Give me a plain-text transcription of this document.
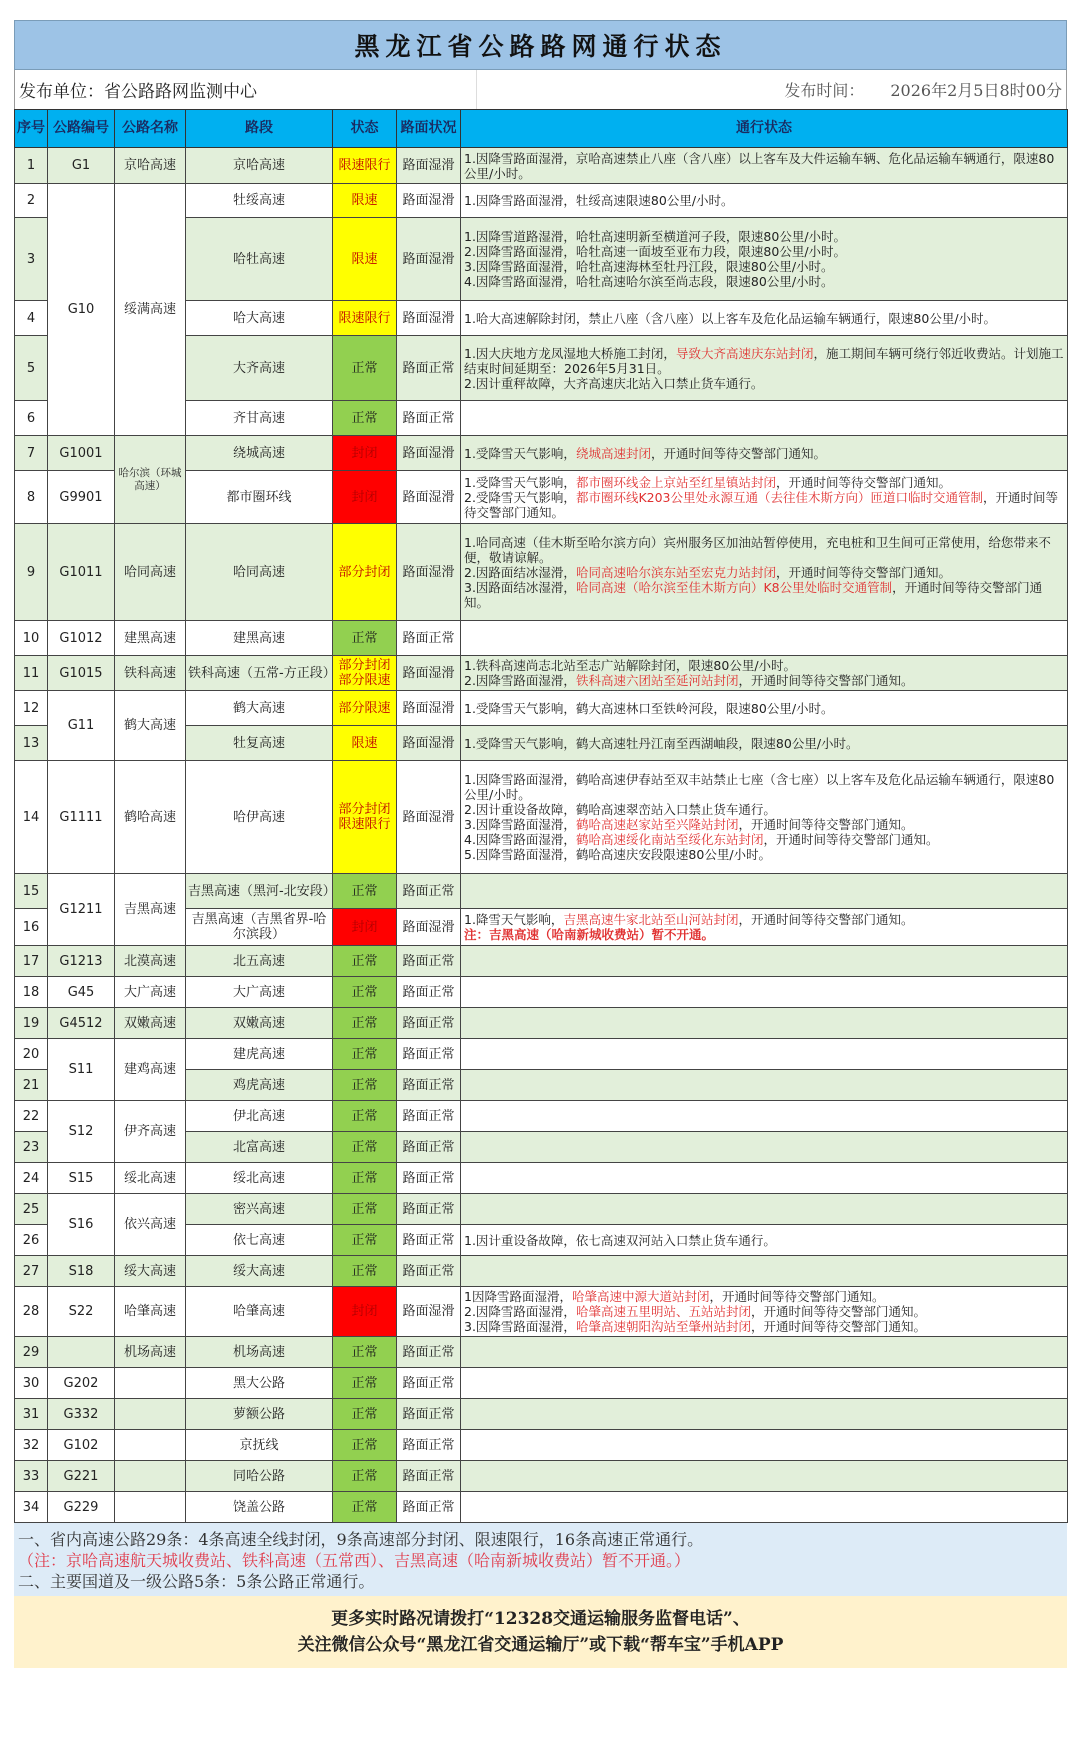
黑龙江省公路路网通行状态
发布单位：省公路路网监测中心	发布时间： 2026年2月5日8时00分
序号	公路编号	公路名称	路段	状态	路面状况	通行状态
1	G1	京哈高速	京哈高速	限速限行	路面湿滑	1.因降雪路面湿滑，京哈高速禁止八座（含八座）以上客车及大件运输车辆、危化品运输车辆通行，限速80公里/小时。

2	G10	绥满高速	牡绥高速	限速	路面湿滑	1.因降雪路面湿滑，牡绥高速限速80公里/小时。

3			哈牡高速	限速	路面湿滑	1.因降雪道路湿滑，哈牡高速明新至横道河子段，限速80公里/小时。
2.因降雪路面湿滑，哈牡高速一面坡至亚布力段，限速80公里/小时。
3.因降雪路面湿滑，哈牡高速海林至牡丹江段，限速80公里/小时。
4.因降雪路面湿滑，哈牡高速哈尔滨至尚志段，限速80公里/小时。

4			哈大高速	限速限行	路面湿滑	1.哈大高速解除封闭，禁止八座（含八座）以上客车及危化品运输车辆通行，限速80公里/小时。

5			大齐高速	正常	路面正常	1.因大庆地方龙凤湿地大桥施工封闭，导致大齐高速庆东站封闭，施工期间车辆可绕行邻近收费站。计划施工结束时间延期至：2026年5月31日。
2.因计重秤故障，大齐高速庆北站入口禁止货车通行。

6			齐甘高速	正常	路面正常	
7	G1001	哈尔滨（环城高速）	绕城高速	封闭	路面湿滑	1.受降雪天气影响，绕城高速封闭，开通时间等待交警部门通知。

8	G9901		都市圈环线	封闭	路面湿滑	1.受降雪天气影响，都市圈环线金上京站至红星镇站封闭，开通时间等待交警部门通知。
2.受降雪天气影响，都市圈环线K203公里处永源互通（去往佳木斯方向）匝道口临时交通管制，开通时间等待交警部门通知。

9	G1011	哈同高速	哈同高速	部分封闭	路面湿滑	1.哈同高速（佳木斯至哈尔滨方向）宾州服务区加油站暂停使用，充电桩和卫生间可正常使用，给您带来不便，敬请谅解。
2.因路面结冰湿滑，哈同高速哈尔滨东站至宏克力站封闭，开通时间等待交警部门通知。
3.因路面结冰湿滑，哈同高速（哈尔滨至佳木斯方向）K8公里处临时交通管制，开通时间等待交警部门通知。

10	G1012	建黑高速	建黑高速	正常	路面正常	
11	G1015	铁科高速	铁科高速（五常-方正段）	部分封闭 部分限速	路面湿滑	1.铁科高速尚志北站至志广站解除封闭，限速80公里/小时。
2.因降雪路面湿滑，铁科高速六团站至延河站封闭，开通时间等待交警部门通知。

12	G11	鹤大高速	鹤大高速	部分限速	路面湿滑	1.受降雪天气影响，鹤大高速林口至铁岭河段，限速80公里/小时。

13			牡复高速	限速	路面湿滑	1.受降雪天气影响，鹤大高速牡丹江南至西湖岫段，限速80公里/小时。

14	G1111	鹤哈高速	哈伊高速	部分封闭 限速限行	路面湿滑	1.因降雪路面湿滑，鹤哈高速伊春站至双丰站禁止七座（含七座）以上客车及危化品运输车辆通行，限速80公里/小时。
2.因计重设备故障，鹤哈高速翠峦站入口禁止货车通行。
3.因降雪路面湿滑，鹤哈高速赵家站至兴隆站封闭，开通时间等待交警部门通知。
4.因降雪路面湿滑，鹤哈高速绥化南站至绥化东站封闭，开通时间等待交警部门通知。
5.因降雪路面湿滑，鹤哈高速庆安段限速80公里/小时。

15	G1211	吉黑高速	吉黑高速（黑河-北安段）	正常	路面正常	
16			吉黑高速（吉黑省界-哈尔滨段）	封闭	路面湿滑	1.降雪天气影响，吉黑高速牛家北站至山河站封闭，开通时间等待交警部门通知。
注：吉黑高速（哈南新城收费站）暂不开通。

17	G1213	北漠高速	北五高速	正常	路面正常	
18	G45	大广高速	大广高速	正常	路面正常	
19	G4512	双嫩高速	双嫩高速	正常	路面正常	
20	S11	建鸡高速	建虎高速	正常	路面正常	
21			鸡虎高速	正常	路面正常	
22	S12	伊齐高速	伊北高速	正常	路面正常	
23			北富高速	正常	路面正常	
24	S15	绥北高速	绥北高速	正常	路面正常	
25	S16	依兴高速	密兴高速	正常	路面正常	
26			依七高速	正常	路面正常	1.因计重设备故障，依七高速双河站入口禁止货车通行。

27	S18	绥大高速	绥大高速	正常	路面正常	
28	S22	哈肇高速	哈肇高速	封闭	路面湿滑	1因降雪路面湿滑，哈肇高速中源大道站封闭，开通时间等待交警部门通知。
2.因降雪路面湿滑，哈肇高速五里明站、五站站封闭，开通时间等待交警部门通知。
3.因降雪路面湿滑，哈肇高速朝阳沟站至肇州站封闭，开通时间等待交警部门通知。

29		机场高速	机场高速	正常	路面正常	
30	G202		黑大公路	正常	路面正常	
31	G332		萝额公路	正常	路面正常	
32	G102		京抚线	正常	路面正常	
33	G221		同哈公路	正常	路面正常	
34	G229		饶盖公路	正常	路面正常	
一、省内高速公路29条：4条高速全线封闭，9条高速部分封闭、限速限行，16条高速正常通行。
（注：京哈高速航天城收费站、铁科高速（五常西）、吉黑高速（哈南新城收费站）暂不开通。）
二、主要国道及一级公路5条：5条公路正常通行。
更多实时路况请拨打“12328交通运输服务监督电话”、
关注微信公众号“黑龙江省交通运输厅”或下载“帮车宝”手机APP
